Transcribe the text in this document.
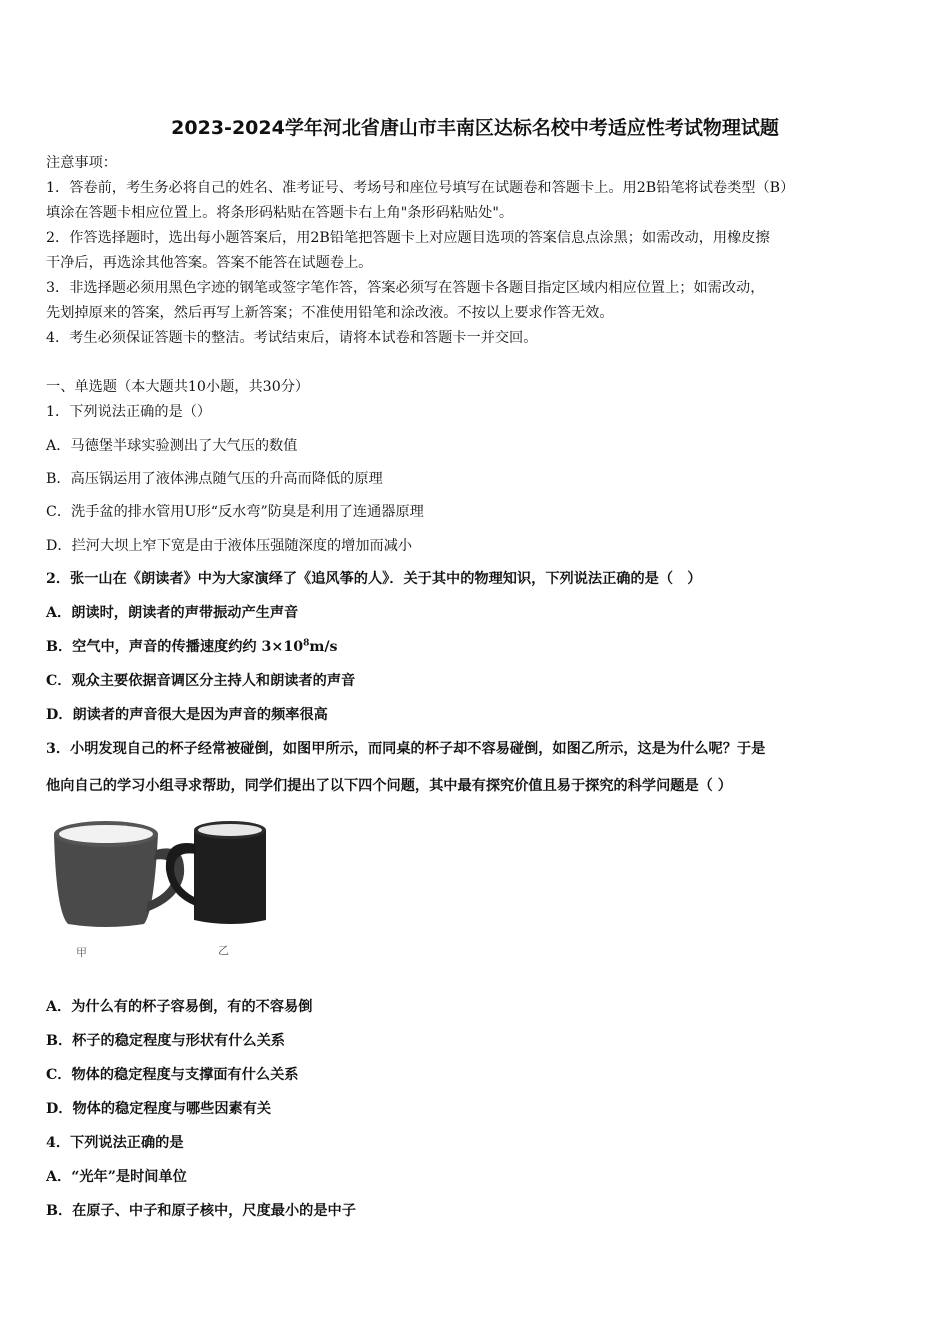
2023-2024学年河北省唐山市丰南区达标名校中考适应性考试物理试题
注意事项：
1．答卷前，考生务必将自己的姓名、准考证号、考场号和座位号填写在试题卷和答题卡上。用2B铅笔将试卷类型（B）
填涂在答题卡相应位置上。将条形码粘贴在答题卡右上角"条形码粘贴处"。
2．作答选择题时，选出每小题答案后，用2B铅笔把答题卡上对应题目选项的答案信息点涂黑；如需改动，用橡皮擦
干净后，再选涂其他答案。答案不能答在试题卷上。
3．非选择题必须用黑色字迹的钢笔或签字笔作答，答案必须写在答题卡各题目指定区域内相应位置上；如需改动，
先划掉原来的答案，然后再写上新答案；不准使用铅笔和涂改液。不按以上要求作答无效。
4．考生必须保证答题卡的整洁。考试结束后，请将本试卷和答题卡一并交回。
一、单选题（本大题共10小题，共30分）
1．下列说法正确的是（）
A．马德堡半球实验测出了大气压的数值
B．高压锅运用了液体沸点随气压的升高而降低的原理
C．洗手盆的排水管用U形“反水弯”防臭是利用了连通器原理
D．拦河大坝上窄下宽是由于液体压强随深度的增加而减小
2．张一山在《朗读者》中为大家演绎了《追风筝的人》．关于其中的物理知识，下列说法正确的是（　）
A．朗读时，朗读者的声带振动产生声音
B．空气中，声音的传播速度约约 $3\times 10^8m/s$
C．观众主要依据音调区分主持人和朗读者的声音
D．朗读者的声音很大是因为声音的频率很高
3．小明发现自己的杯子经常被碰倒，如图甲所示，而同桌的杯子却不容易碰倒，如图乙所示，这是为什么呢？于是
他向自己的学习小组寻求帮助，同学们提出了以下四个问题，其中最有探究价值且易于探究的科学问题是（ ）
甲	乙
A．为什么有的杯子容易倒，有的不容易倒
B．杯子的稳定程度与形状有什么关系
C．物体的稳定程度与支撑面有什么关系
D．物体的稳定程度与哪些因素有关
4．下列说法正确的是
A．“光年”是时间单位
B．在原子、中子和原子核中，尺度最小的是中子
